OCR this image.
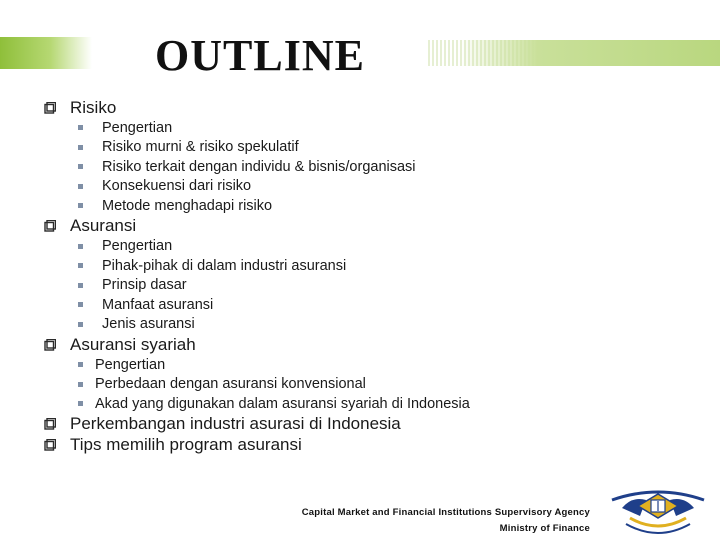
OUTLINE
Risiko
Pengertian
Risiko murni & risiko spekulatif
Risiko terkait dengan individu & bisnis/organisasi
Konsekuensi dari risiko
Metode menghadapi risiko
Asuransi
Pengertian
Pihak-pihak di dalam industri asuransi
Prinsip dasar
Manfaat asuransi
Jenis asuransi
Asuransi syariah
Pengertian
Perbedaan dengan asuransi konvensional
Akad yang digunakan dalam asuransi syariah di Indonesia
Perkembangan industri asurasi di Indonesia
Tips memilih program asuransi
Capital Market and Financial Institutions Supervisory Agency
Ministry of Finance
